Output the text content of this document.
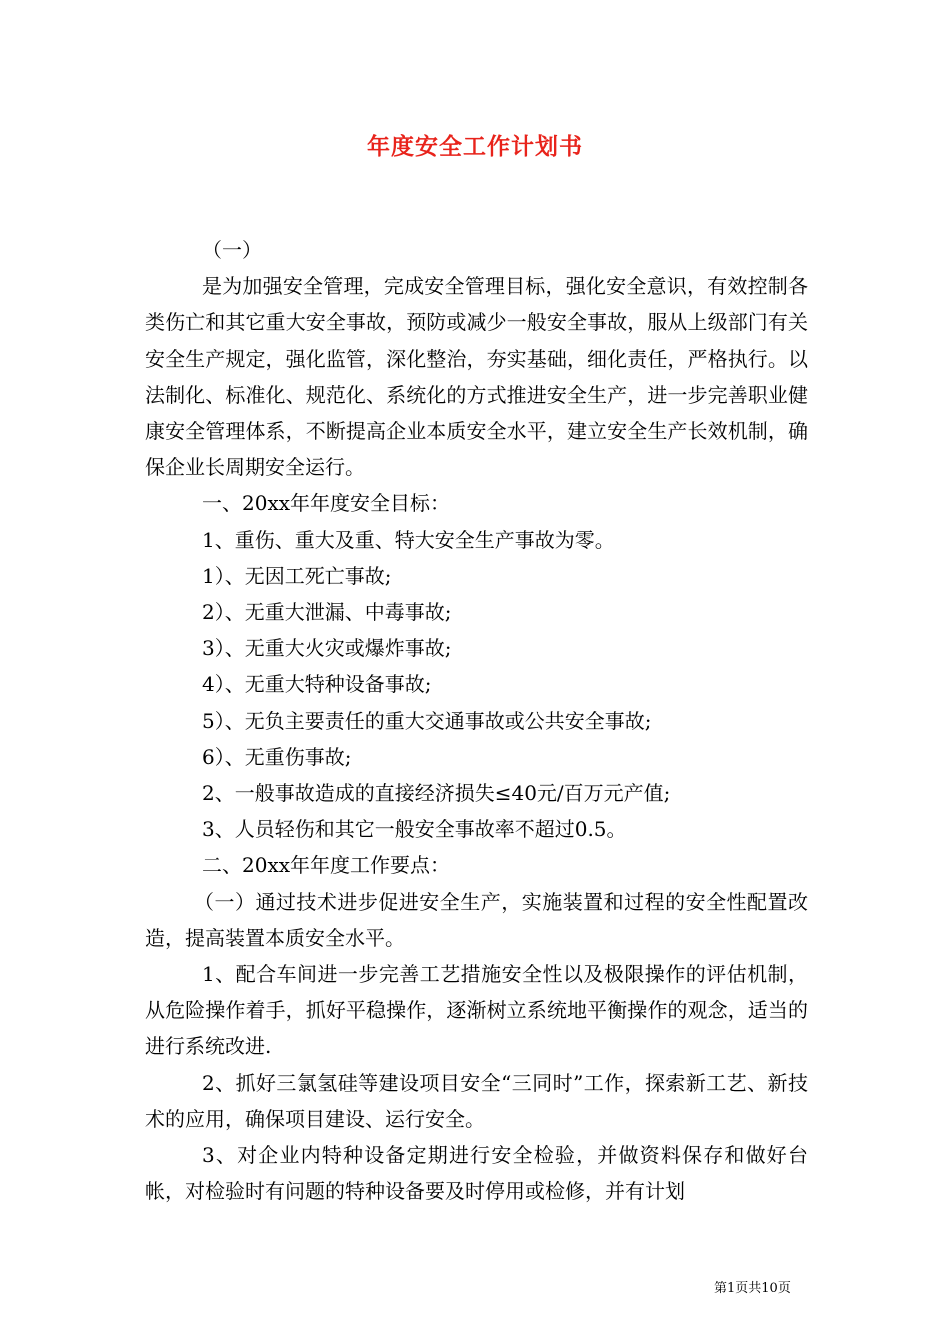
年度安全工作计划书

（一）

是为加强安全管理，完成安全管理目标，强化安全意识，有效控制各类伤亡和其它重大安全事故，预防或减少一般安全事故，服从上级部门有关安全生产规定，强化监管，深化整治，夯实基础，细化责任，严格执行。以法制化、标准化、规范化、系统化的方式推进安全生产，进一步完善职业健康安全管理体系，不断提高企业本质安全水平，建立安全生产长效机制，确保企业长周期安全运行。

一、20xx年年度安全目标：

1、重伤、重大及重、特大安全生产事故为零。

1）、无因工死亡事故;

2）、无重大泄漏、中毒事故;

3）、无重大火灾或爆炸事故;

4）、无重大特种设备事故;

5）、无负主要责任的重大交通事故或公共安全事故;

6）、无重伤事故;

2、一般事故造成的直接经济损失≤40元/百万元产值;

3、人员轻伤和其它一般安全事故率不超过0.5。

二、20xx年年度工作要点：

（一）通过技术进步促进安全生产，实施装置和过程的安全性配置改造，提高装置本质安全水平。

1、配合车间进一步完善工艺措施安全性以及极限操作的评估机制，从危险操作着手，抓好平稳操作，逐渐树立系统地平衡操作的观念，适当的进行系统改进.

2、抓好三氯氢硅等建设项目安全“三同时”工作，探索新工艺、新技术的应用，确保项目建设、运行安全。

3、对企业内特种设备定期进行安全检验，并做资料保存和做好台帐，对检验时有问题的特种设备要及时停用或检修，并有计划

第1页共10页
